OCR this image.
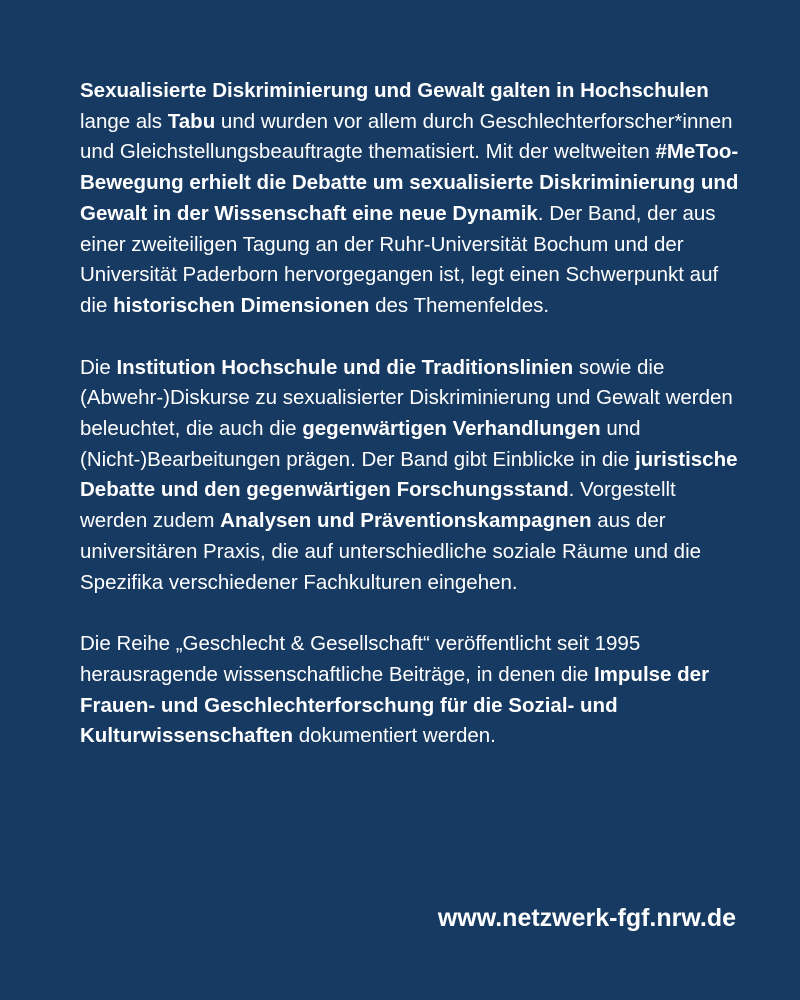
Sexualisierte Diskriminierung und Gewalt galten in Hochschulen lange als Tabu und wurden vor allem durch Geschlechterforscher*innen und Gleichstellungsbeauftragte thematisiert. Mit der weltweiten #MeToo-Bewegung erhielt die Debatte um sexualisierte Diskriminierung und Gewalt in der Wissenschaft eine neue Dynamik. Der Band, der aus einer zweiteiligen Tagung an der Ruhr-Universität Bochum und der Universität Paderborn hervorgegangen ist, legt einen Schwerpunkt auf die historischen Dimensionen des Themenfeldes.

Die Institution Hochschule und die Traditionslinien sowie die (Abwehr-)Diskurse zu sexualisierter Diskriminierung und Gewalt werden beleuchtet, die auch die gegenwärtigen Verhandlungen und (Nicht-)Bearbeitungen prägen. Der Band gibt Einblicke in die juristische Debatte und den gegenwärtigen Forschungsstand. Vorgestellt werden zudem Analysen und Präventionskampagnen aus der universitären Praxis, die auf unterschiedliche soziale Räume und die Spezifika verschiedener Fachkulturen eingehen.

Die Reihe „Geschlecht & Gesellschaft“ veröffentlicht seit 1995 herausragende wissenschaftliche Beiträge, in denen die Impulse der Frauen- und Geschlechterforschung für die Sozial- und Kulturwissenschaften dokumentiert werden.

www.netzwerk-fgf.nrw.de
